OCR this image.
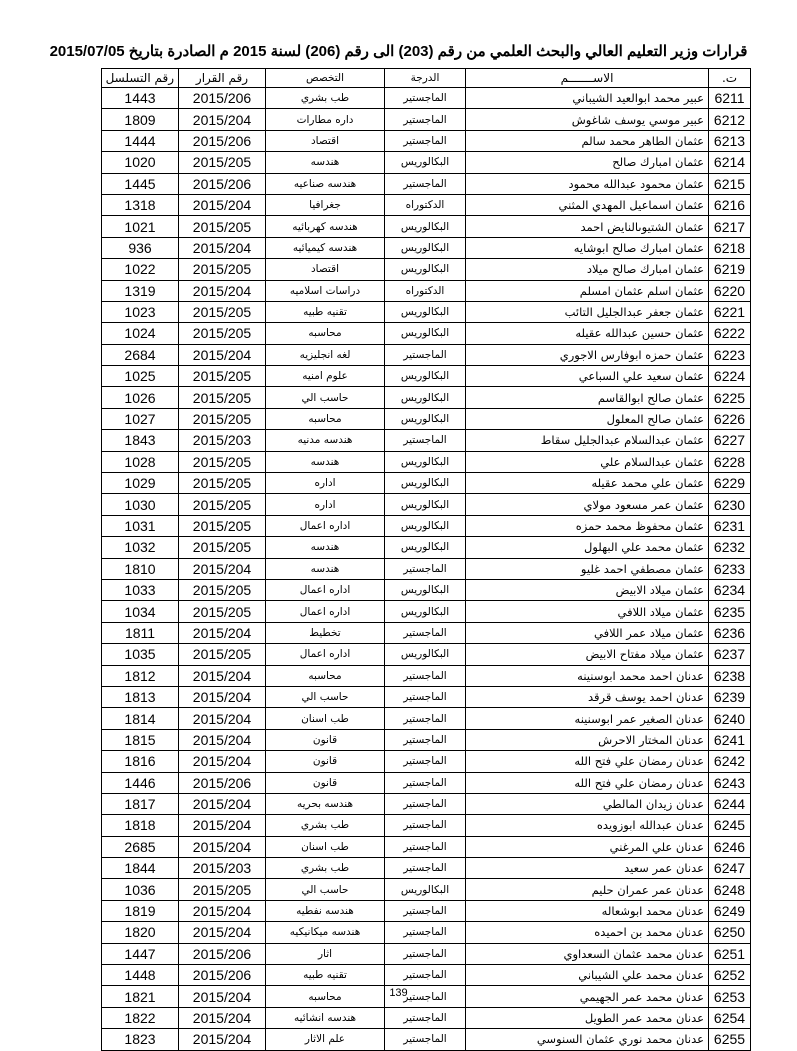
قرارات وزير التعليم العالي والبحث العلمي من رقم (203) الى رقم (206) لسنة 2015 م الصادرة بتاريخ 2015/07/05
ت.	الاســـــــم	الدرجة	التخصص	رقم القرار	رقم التسلسل
6211	عبير محمد ابوالعيد الشيباني	الماجستير	طب بشري	2015/206	1443
6212	عبير موسي يوسف شاغوش	الماجستير	داره مطارات	2015/204	1809
6213	عثمان الطاهر محمد سالم	الماجستير	اقتصاد	2015/206	1444
6214	عثمان امبارك صالح	البكالوريس	هندسه	2015/205	1020
6215	عثمان محمود عبدالله محمود	الماجستير	هندسه صناعيه	2015/206	1445
6216	عثمان اسماعيل المهدي المثني	الدكتوراه	جغرافيا	2015/204	1318
6217	عثمان الشتيوىالنايض احمد	البكالوريس	هندسه كهربائيه	2015/205	1021
6218	عثمان امبارك صالح ابوشايه	البكالوريس	هندسه كيميائيه	2015/204	936
6219	عثمان امبارك صالح ميلاد	البكالوريس	اقتصاد	2015/205	1022
6220	عثمان اسلم عثمان امسلم	الدكتوراه	دراسات اسلاميه	2015/204	1319
6221	عثمان جعفر عبدالجليل التائب	البكالوريس	تقنيه طبيه	2015/205	1023
6222	عثمان حسين عبدالله عقيله	البكالوريس	محاسبه	2015/205	1024
6223	عثمان حمزه ابوفارس الاجوري	الماجستير	لغه انجليزيه	2015/204	2684
6224	عثمان سعيد علي السباعي	البكالوريس	علوم امنيه	2015/205	1025
6225	عثمان صالح ابوالقاسم	البكالوريس	حاسب الي	2015/205	1026
6226	عثمان صالح المعلول	البكالوريس	محاسبه	2015/205	1027
6227	عثمان عبدالسلام عبدالجليل سقاط	الماجستير	هندسه مدنيه	2015/203	1843
6228	عثمان عبدالسلام علي	البكالوريس	هندسه	2015/205	1028
6229	عثمان علي محمد عقيله	البكالوريس	اداره	2015/205	1029
6230	عثمان عمر مسعود مولاي	البكالوريس	اداره	2015/205	1030
6231	عثمان محفوظ محمد حمزه	البكالوريس	اداره اعمال	2015/205	1031
6232	عثمان محمد علي البهلول	البكالوريس	هندسه	2015/205	1032
6233	عثمان مصطفي احمد غليو	الماجستير	هندسه	2015/204	1810
6234	عثمان ميلاد الابيض	البكالوريس	اداره اعمال	2015/205	1033
6235	عثمان ميلاد اللافي	البكالوريس	اداره اعمال	2015/205	1034
6236	عثمان ميلاد عمر اللافي	الماجستير	تخطيط	2015/204	1811
6237	عثمان ميلاد مفتاح الابيض	البكالوريس	اداره اعمال	2015/205	1035
6238	عدنان احمد محمد ابوسنينه	الماجستير	محاسبه	2015/204	1812
6239	عدنان احمد يوسف قرقد	الماجستير	حاسب الي	2015/204	1813
6240	عدنان الصغير عمر ابوسنينه	الماجستير	طب اسنان	2015/204	1814
6241	عدنان المختار الاحرش	الماجستير	قانون	2015/204	1815
6242	عدنان رمضان علي فتح الله	الماجستير	قانون	2015/204	1816
6243	عدنان رمضان علي فتح الله	الماجستير	قانون	2015/206	1446
6244	عدنان زيدان المالطي	الماجستير	هندسه بحريه	2015/204	1817
6245	عدنان عبدالله ابوزويده	الماجستير	طب بشري	2015/204	1818
6246	عدنان علي المرغني	الماجستير	طب اسنان	2015/204	2685
6247	عدنان عمر سعيد	الماجستير	طب بشري	2015/203	1844
6248	عدنان عمر عمران حليم	البكالوريس	حاسب الي	2015/205	1036
6249	عدنان محمد ابوشعاله	الماجستير	هندسه نفطيه	2015/204	1819
6250	عدنان محمد بن احميده	الماجستير	هندسه ميكانيكيه	2015/204	1820
6251	عدنان محمد عثمان السعداوي	الماجستير	اثار	2015/206	1447
6252	عدنان محمد علي الشيباني	الماجستير	تقنيه طبيه	2015/206	1448
6253	عدنان محمد عمر الجهيمي	الماجستير	محاسبه	2015/204	1821
6254	عدنان محمد عمر الطويل	الماجستير	هندسه انشائيه	2015/204	1822
6255	عدنان محمد نوري عثمان السنوسي	الماجستير	علم الاثار	2015/204	1823
139
